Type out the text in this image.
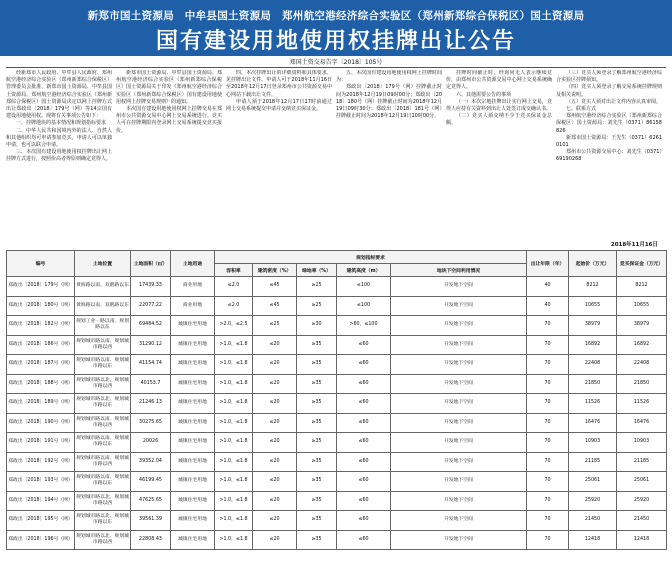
新郑市国土资源局　中牟县国土资源局　郑州航空港经济综合实验区（郑州新郑综合保税区）国土资源局
国有建设用地使用权挂牌出让公告
郑国土资交易告字〔2018〕105号

经新郑市人民政府、中牟县人民政府、郑州航空港经济综合实验区（郑州新郑综合保税区）管理委员会批准，新郑市国土资源局、中牟县国土资源局、郑州航空港经济综合实验区（郑州新郑综合保税区）国土资源局决定以网上挂牌方式出让郑政出〔2018〕179号（网）等14宗国有建设用地使用权。现将有关事项公告如下：

一、挂牌地块的基本情况和规划指标要求

二、中华人民共和国境内外的法人、自然人和其他组织均可申请参加竞买，申请人可以单独申请，也可以联合申请。

三、本次国有建设用地使用权挂牌出让网上挂牌方式进行，按照价高者得原则确定竞得人。

新郑市国土资源局、中牟县国土资源局、郑州航空港经济综合实验区（郑州新郑综合保税区）国土资源局关于印发《郑州航空港经济综合实验区（郑州新郑综合保税区）国有建设用地使用权网上挂牌交易规则》的通知。

本次国有建设用地使用权网上挂牌交易在郑州市公共资源交易中心网上交易系统进行。竞买人可在挂牌期限内登录网上交易系统提交竞买报价。

四、本次挂牌出让的详细资料和具体要求，见挂牌出让文件。申请人可于2018年11月16日至2018年12月17日登录郑州市公共资源交易中心网站下载出让文件。

申请人须于2018年12月17日17时前通过网上交易系统提交申请并交纳竞买保证金。

五、本次国有建设用地使用权网上挂牌时间为：

郑政出〔2018〕179号（网）挂牌截止时间为2018年12月19日09时00分；郑政出〔2018〕180号（网）挂牌截止时间为2018年12月19日09时30分；郑政出〔2018〕181号（网）挂牌截止时间为2018年12月19日10时00分。

挂牌时间截止时，经询问无人表示继续竞价，由郑州市公共资源交易中心网上交易系统确定竞得人。

六、其他需要公告的事项

（一）本次宗地挂牌出让实行网上交易，竞得人应持有关资料到出让人处签订成交确认书。

（二）竞买人须交纳不少于竞买保证金总额。

（三）竞买人须登录了解郑州航空港经济综合实验区挂牌须知。

（四）竞买人须登录了解交易系统挂牌规则及相关说明。

（五）竞买人须对出让文件内容认真审阅。

七、联系方式

郑州航空港经济综合实验区（郑州新郑综合保税区）国土资源局：刘先生（0371）86158826

新郑市国土资源局：王先生（0371）62610101

郑州市公共资源交易中心：刘先生（0371）69190268

2018年11月16日
编号	土地位置	土地面积（㎡）	土地用途	规划指标要求					出让年限（年）	起始价（万元）	竞买保证金（万元）
				容积率	建筑密度（%）	绿地率（%）	建筑高度（m）	地块下空间利用情况			
郑政出〔2018〕179号（网）	黄海路以南、双鹤路以东	17439.33	商业用地	≤2.0	≤45	≥25	≤100	开发地下空间	40	8212	8212
郑政出〔2018〕180号（网）	黄海路以南、双鹤路以东	22077.22	商业用地	≤2.0	≤45	≥25	≤100	开发地下空间	40	10655	10655
郑政出〔2018〕182号（网）	规划工业一路以南、规划路以东	69484.52	城镇住宅用地	>2.0，≤2.5	≤25	≥30	>60，≤100	开发地下空间	70	38979	38979
郑政出〔2018〕186号（网）	规划城市路以南、规划城市路以西	31290.12	城镇住宅用地	>1.0，≤1.8	≤20	≥35	≤60	开发地下空间	70	16892	16892
郑政出〔2018〕187号（网）	规划城市路以南、规划城市路以东	41154.74	城镇住宅用地	>1.0，≤1.8	≤20	≥35	≤60	开发地下空间	70	22408	22408
郑政出〔2018〕188号（网）	规划城市路以北、规划城市路以西	40153.7	城镇住宅用地	>1.0，≤1.8	≤20	≥35	≤60	开发地下空间	70	21850	21850
郑政出〔2018〕189号（网）	规划城市路以北、规划城市路以东	21246.13	城镇住宅用地	>1.0，≤1.8	≤20	≥35	≤60	开发地下空间	70	11526	11526
郑政出〔2018〕190号（网）	规划城市路以南、规划城市路以西	30275.65	城镇住宅用地	>1.0，≤1.8	≤20	≥35	≤60	开发地下空间	70	16476	16476
郑政出〔2018〕191号（网）	规划城市路以南、规划城市路以东	20026	城镇住宅用地	>1.0，≤1.8	≤20	≥35	≤60	开发地下空间	70	10903	10903
郑政出〔2018〕192号（网）	规划城市路以南、规划城市路以西	39352.04	城镇住宅用地	>1.0，≤1.8	≤20	≥35	≤60	开发地下空间	70	21185	21185
郑政出〔2018〕193号（网）	规划城市路以南、规划城市路以东	46199.45	城镇住宅用地	>1.0，≤1.8	≤20	≥35	≤60	开发地下空间	70	25061	25061
郑政出〔2018〕194号（网）	规划城市路以北、规划城市路以西	47625.65	城镇住宅用地	>1.0，≤1.8	≤20	≥35	≤60	开发地下空间	70	25920	25920
郑政出〔2018〕195号（网）	规划城市路以北、规划城市路以东	39561.39	城镇住宅用地	>1.0，≤1.8	≤20	≥35	≤60	开发地下空间	70	21450	21450
郑政出〔2018〕196号（网）	规划城市路以北、规划城市路以西	22808.43	城镇住宅用地	>1.0，≤1.8	≤20	≥35	≤60	开发地下空间	70	12418	12418
